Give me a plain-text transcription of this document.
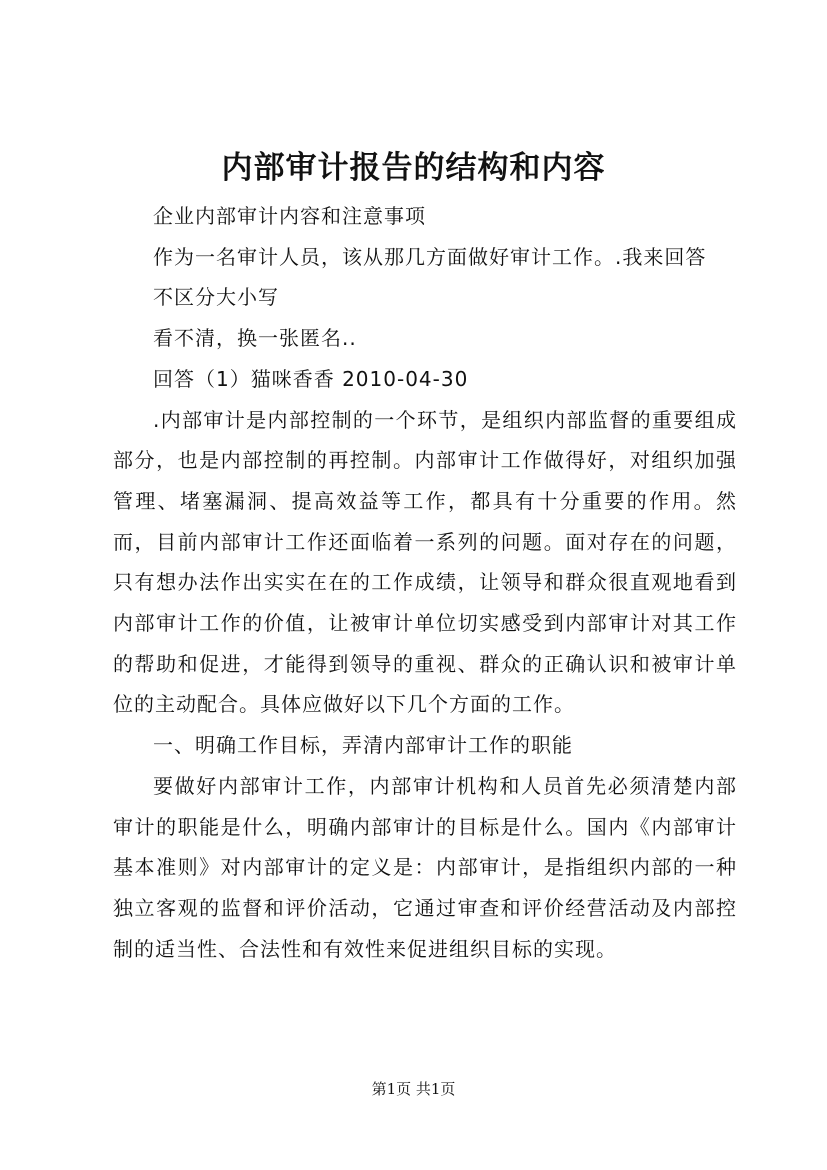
内部审计报告的结构和内容

企业内部审计内容和注意事项

作为一名审计人员，该从那几方面做好审计工作。.我来回答

不区分大小写

看不清，换一张匿名..

回答（1）猫咪香香 2010-04-30

.内部审计是内部控制的一个环节，是组织内部监督的重要组成部分，也是内部控制的再控制。内部审计工作做得好，对组织加强管理、堵塞漏洞、提高效益等工作，都具有十分重要的作用。然而，目前内部审计工作还面临着一系列的问题。面对存在的问题，只有想办法作出实实在在的工作成绩，让领导和群众很直观地看到内部审计工作的价值，让被审计单位切实感受到内部审计对其工作的帮助和促进，才能得到领导的重视、群众的正确认识和被审计单位的主动配合。具体应做好以下几个方面的工作。

一、明确工作目标，弄清内部审计工作的职能

要做好内部审计工作，内部审计机构和人员首先必须清楚内部审计的职能是什么，明确内部审计的目标是什么。国内《内部审计基本准则》对内部审计的定义是：内部审计，是指组织内部的一种独立客观的监督和评价活动，它通过审查和评价经营活动及内部控制的适当性、合法性和有效性来促进组织目标的实现。

第1页 共1页
